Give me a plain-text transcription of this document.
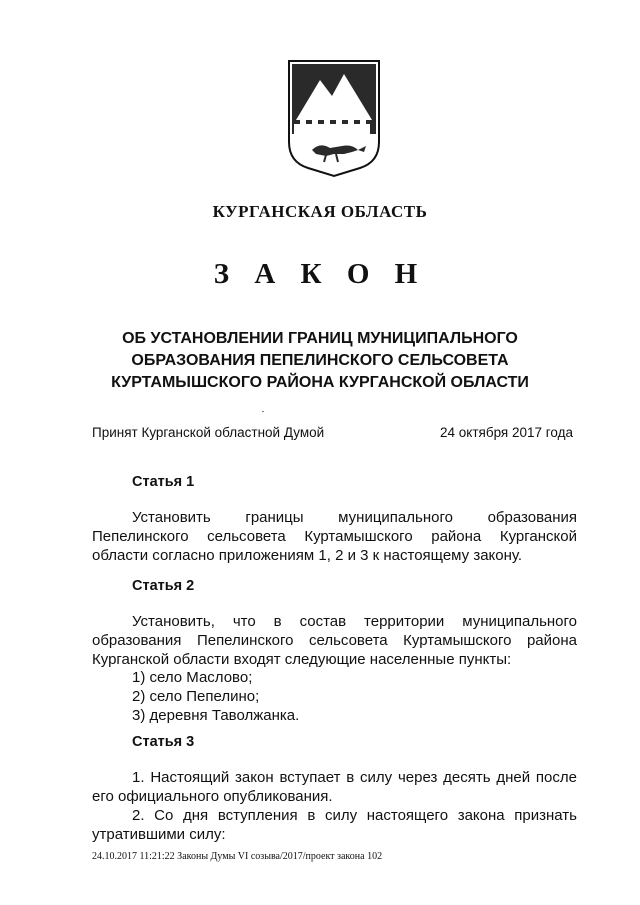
КУРГАНСКАЯ ОБЛАСТЬ
З А К О Н
ОБ УСТАНОВЛЕНИИ ГРАНИЦ МУНИЦИПАЛЬНОГО
ОБРАЗОВАНИЯ ПЕПЕЛИНСКОГО СЕЛЬСОВЕТА
КУРТАМЫШСКОГО РАЙОНА КУРГАНСКОЙ ОБЛАСТИ
Принят Курганской областной Думой	24 октября 2017 года
Статья 1
Установить границы муниципального образования
Пепелинского сельсовета Куртамышского района Курганской
области согласно приложениям 1, 2 и 3 к настоящему закону.
Статья 2
Установить, что в состав территории муниципального
образования Пепелинского сельсовета Куртамышского района
Курганской области входят следующие населенные пункты:
1) село Маслово;
2) село Пепелино;
3) деревня Таволжанка.
Статья 3
1. Настоящий закон вступает в силу через десять дней после
его официального опубликования.
2. Со дня вступления в силу настоящего закона признать
утратившими силу:
24.10.2017 11:21:22 Законы Думы VI созыва/2017/проект закона 102
